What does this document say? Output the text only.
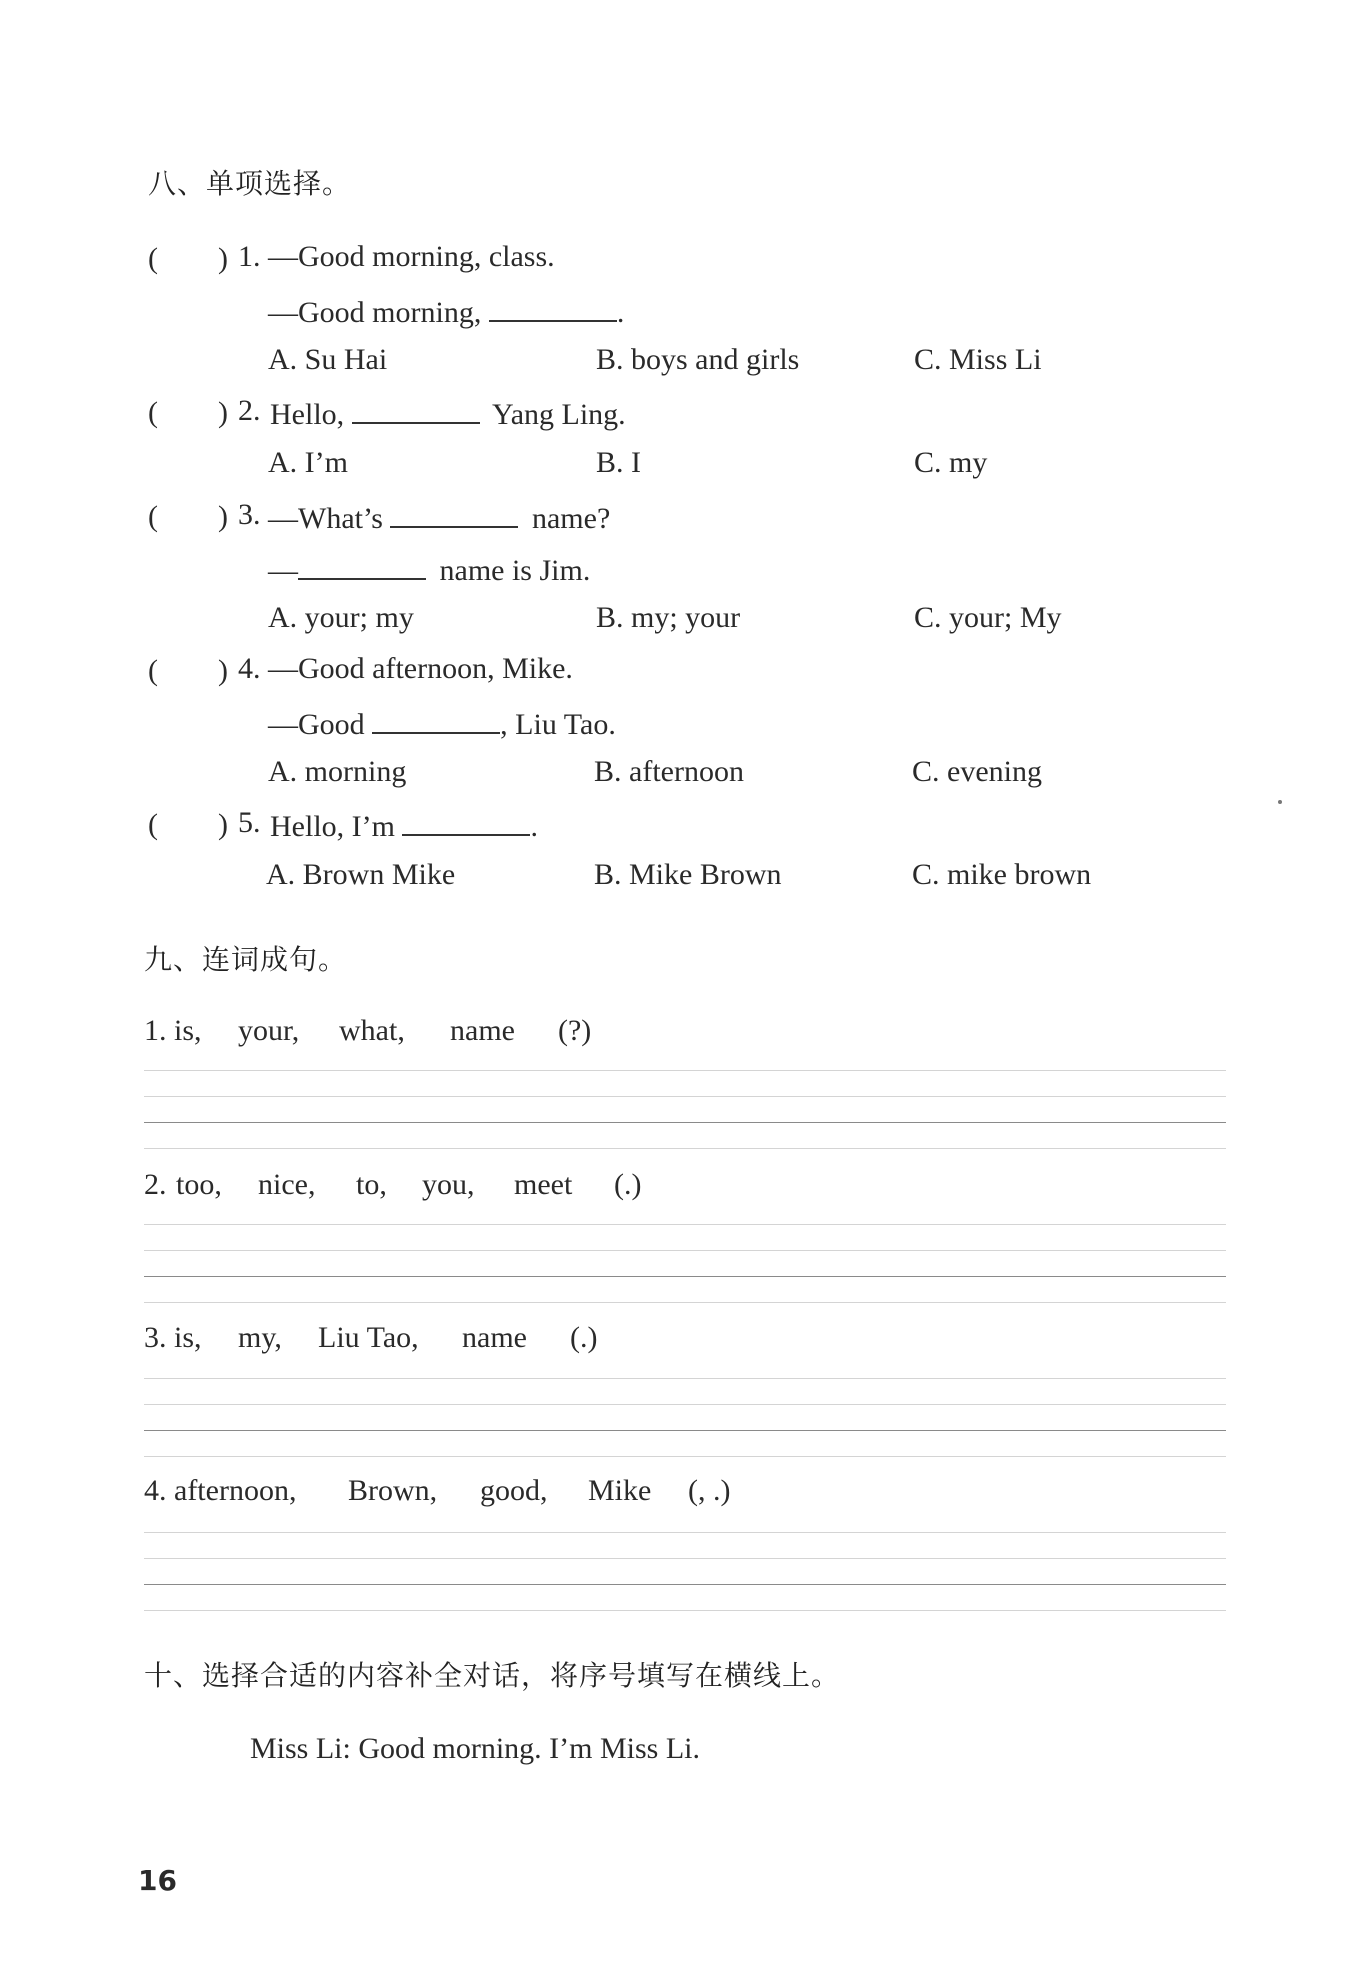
八、单项选择。
( ) 1. —Good morning, class.
—Good morning,	.
A. Su Hai	B. boys and girls	C. Miss Li
( ) 2. Hello,	Yang Ling.
A. I’m	B. I	C. my
( ) 3. —What’s	name?
—	name is Jim.
A. your; my	B. my; your	C. your; My
( ) 4. —Good afternoon, Mike.
—Good	, Liu Tao.
A. morning	B. afternoon	C. evening
( ) 5. Hello, I’m	.
A. Brown Mike	B. Mike Brown	C. mike brown
九、连词成句。
1. is, your, what, name (?)
2. too, nice, to, you, meet (.)
3. is, my, Liu Tao, name (.)
4. afternoon, Brown, good, Mike (, .)
十、选择合适的内容补全对话，将序号填写在横线上。
Miss Li: Good morning. I’m Miss Li.
16
